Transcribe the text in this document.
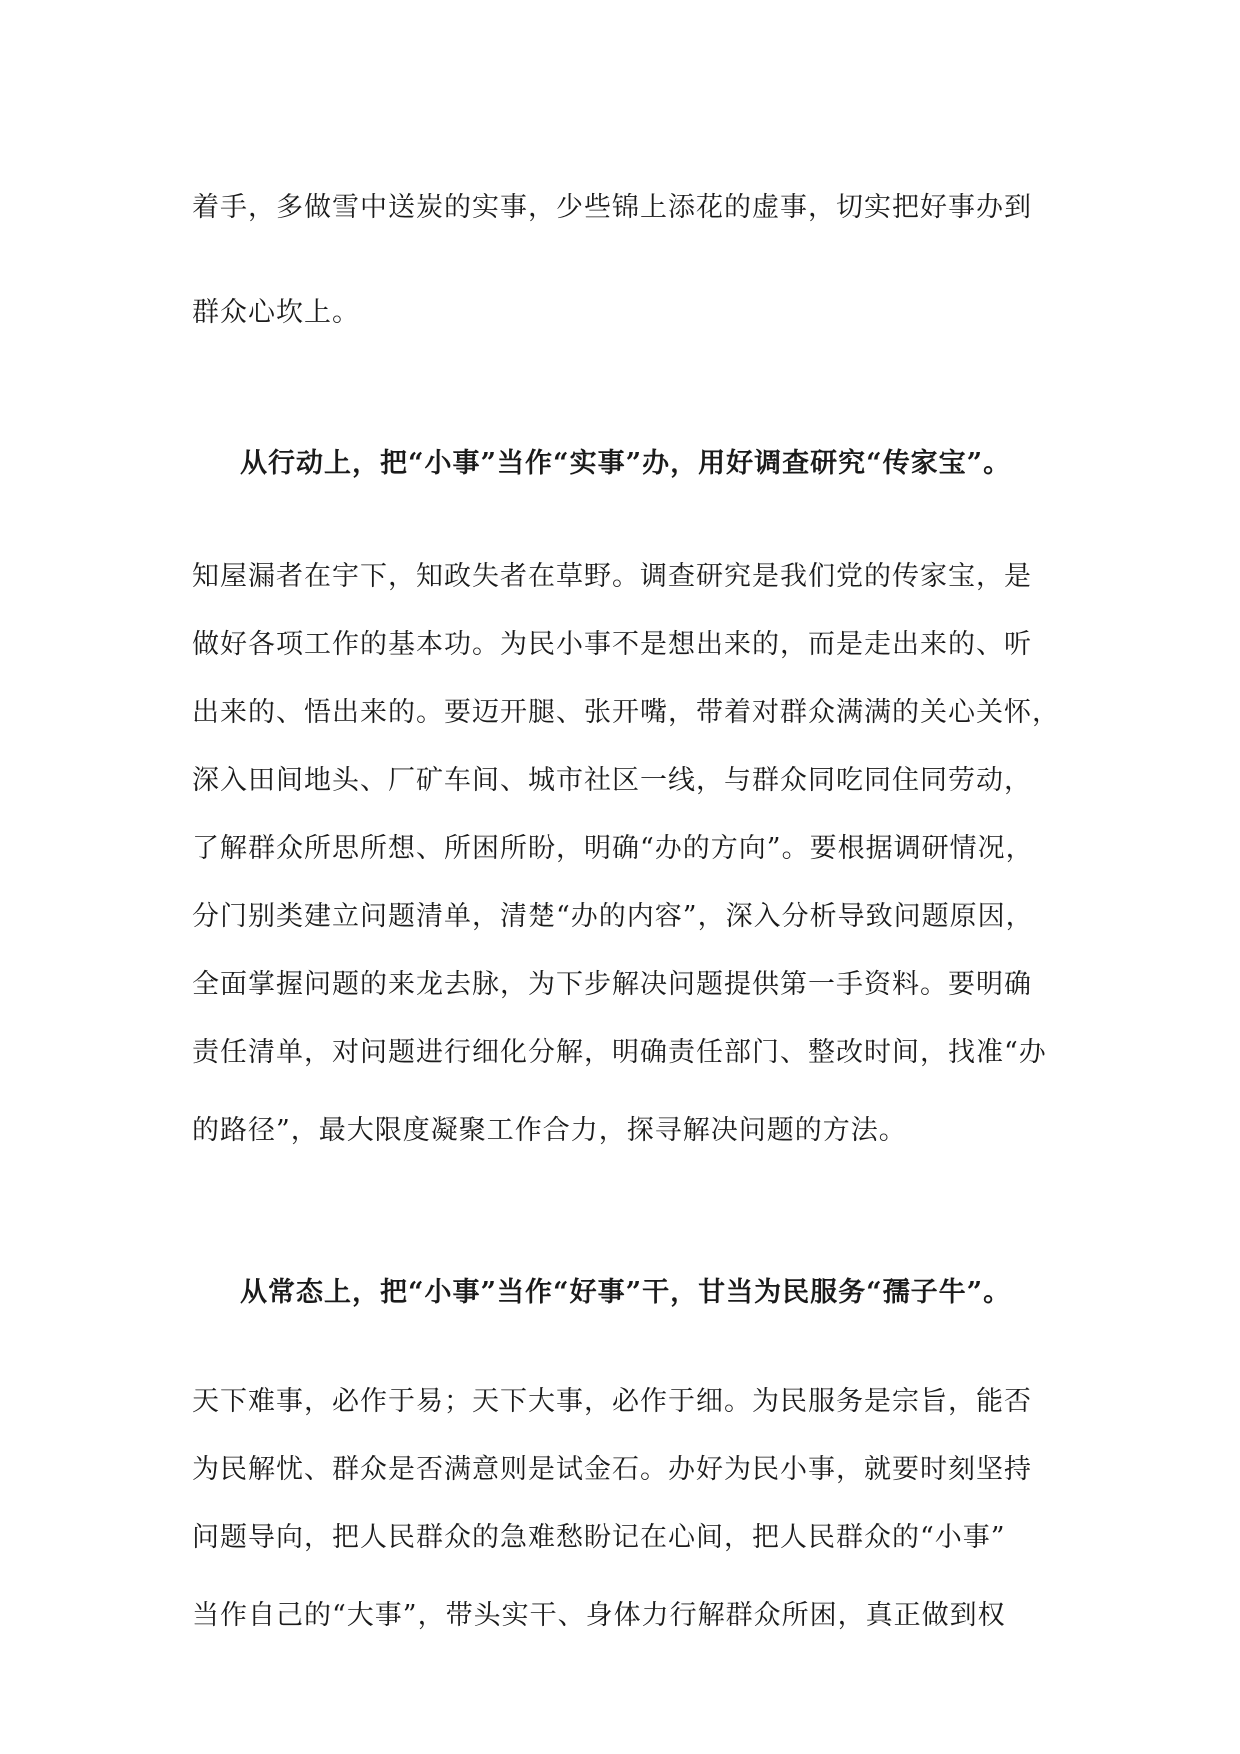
着手，多做雪中送炭的实事，少些锦上添花的虚事，切实把好事办到
群众心坎上。
从行动上，把“小事”当作“实事”办，用好调查研究“传家宝”。
知屋漏者在宇下，知政失者在草野。调查研究是我们党的传家宝，是
做好各项工作的基本功。为民小事不是想出来的，而是走出来的、听
出来的、悟出来的。要迈开腿、张开嘴，带着对群众满满的关心关怀，
深入田间地头、厂矿车间、城市社区一线，与群众同吃同住同劳动，
了解群众所思所想、所困所盼，明确“办的方向”。要根据调研情况，
分门别类建立问题清单，清楚“办的内容”，深入分析导致问题原因，
全面掌握问题的来龙去脉，为下步解决问题提供第一手资料。要明确
责任清单，对问题进行细化分解，明确责任部门、整改时间，找准“办
的路径”，最大限度凝聚工作合力，探寻解决问题的方法。
从常态上，把“小事”当作“好事”干，甘当为民服务“孺子牛”。
天下难事，必作于易；天下大事，必作于细。为民服务是宗旨，能否
为民解忧、群众是否满意则是试金石。办好为民小事，就要时刻坚持
问题导向，把人民群众的急难愁盼记在心间，把人民群众的“小事”
当作自己的“大事”，带头实干、身体力行解群众所困，真正做到权
